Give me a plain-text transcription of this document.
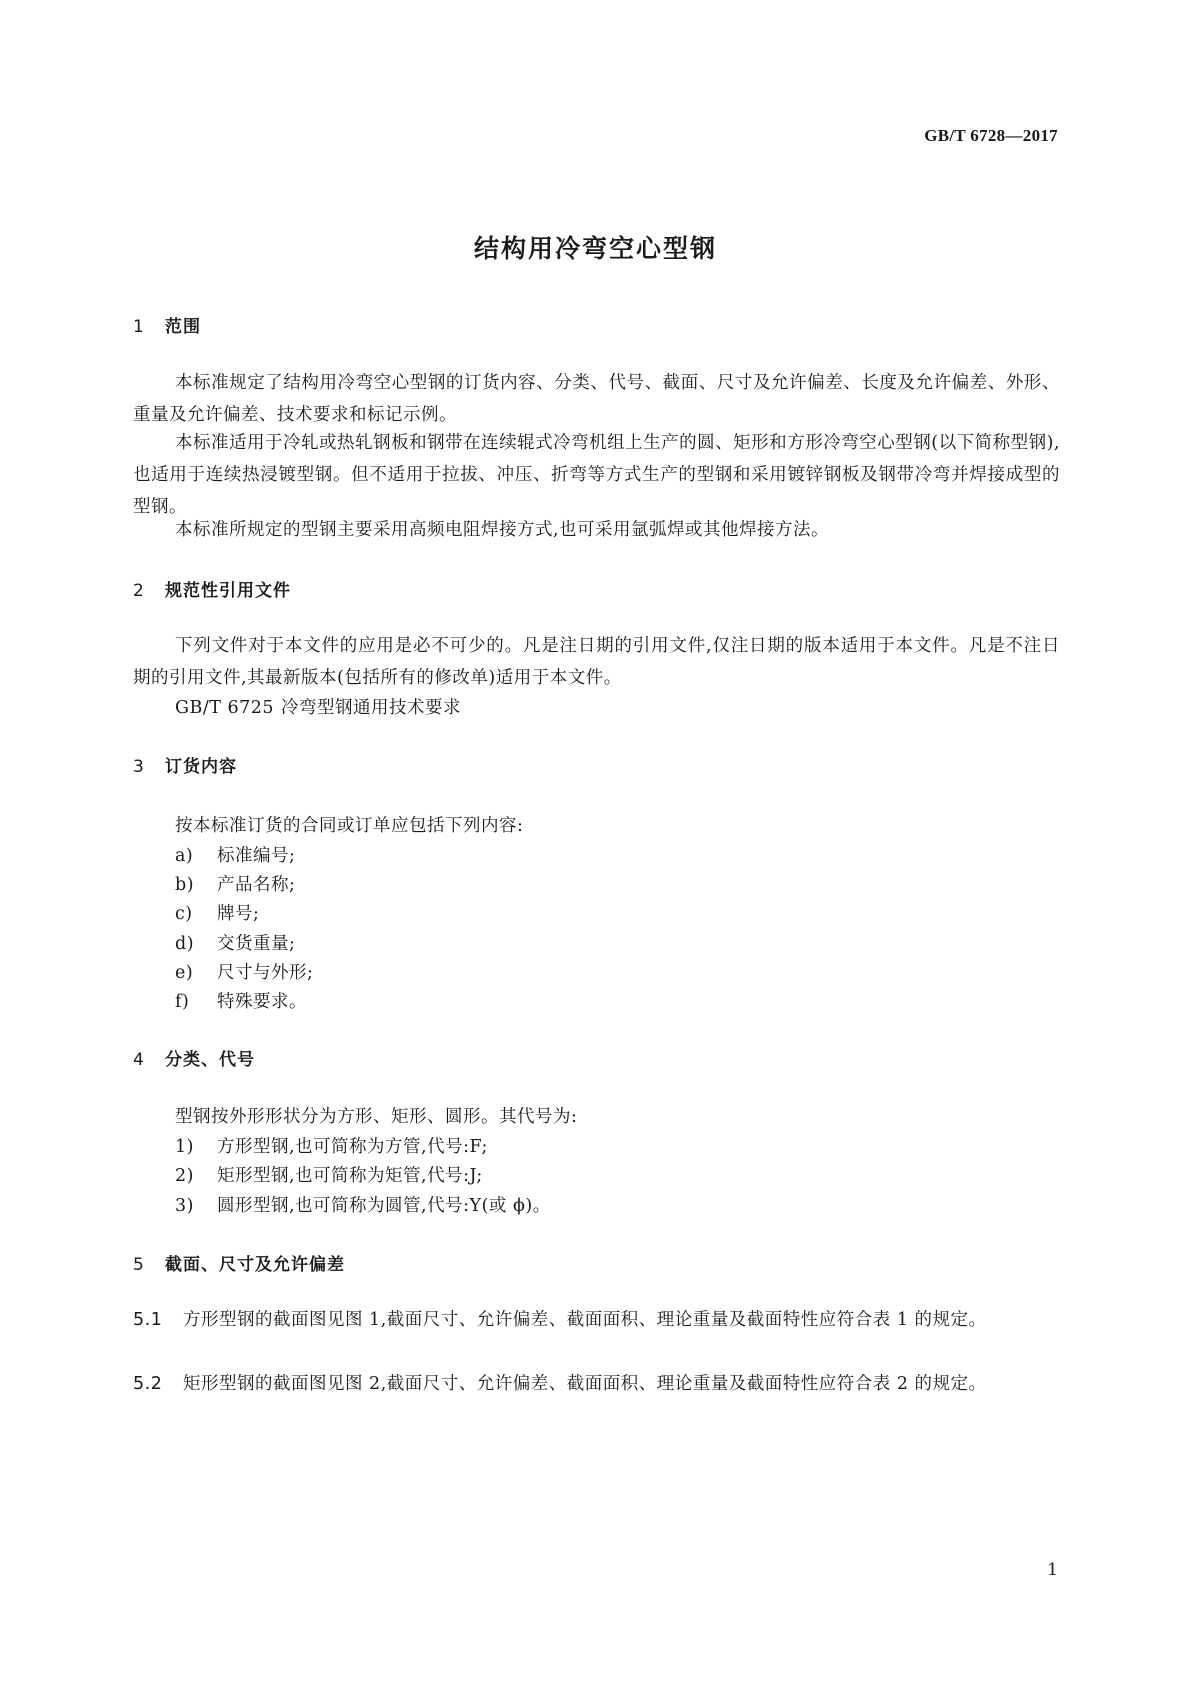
GB/T 6728—2017
结构用冷弯空心型钢
1 范围
本标准规定了结构用冷弯空心型钢的订货内容、分类、代号、截面、尺寸及允许偏差、长度及允许偏差、外形、重量及允许偏差、技术要求和标记示例。
本标准适用于冷轧或热轧钢板和钢带在连续辊式冷弯机组上生产的圆、矩形和方形冷弯空心型钢(以下简称型钢),也适用于连续热浸镀型钢。但不适用于拉拔、冲压、折弯等方式生产的型钢和采用镀锌钢板及钢带冷弯并焊接成型的型钢。
本标准所规定的型钢主要采用高频电阻焊接方式,也可采用氩弧焊或其他焊接方法。
2 规范性引用文件
下列文件对于本文件的应用是必不可少的。凡是注日期的引用文件,仅注日期的版本适用于本文件。凡是不注日期的引用文件,其最新版本(包括所有的修改单)适用于本文件。
GB/T 6725 冷弯型钢通用技术要求
3 订货内容
按本标准订货的合同或订单应包括下列内容:
a) 标准编号;
b) 产品名称;
c) 牌号;
d) 交货重量;
e) 尺寸与外形;
f) 特殊要求。
4 分类、代号
型钢按外形形状分为方形、矩形、圆形。其代号为:
1) 方形型钢,也可简称为方管,代号:F;
2) 矩形型钢,也可简称为矩管,代号:J;
3) 圆形型钢,也可简称为圆管,代号:Y(或 ϕ)。
5 截面、尺寸及允许偏差
5.1 方形型钢的截面图见图 1,截面尺寸、允许偏差、截面面积、理论重量及截面特性应符合表 1 的规定。
5.2 矩形型钢的截面图见图 2,截面尺寸、允许偏差、截面面积、理论重量及截面特性应符合表 2 的规定。
1
